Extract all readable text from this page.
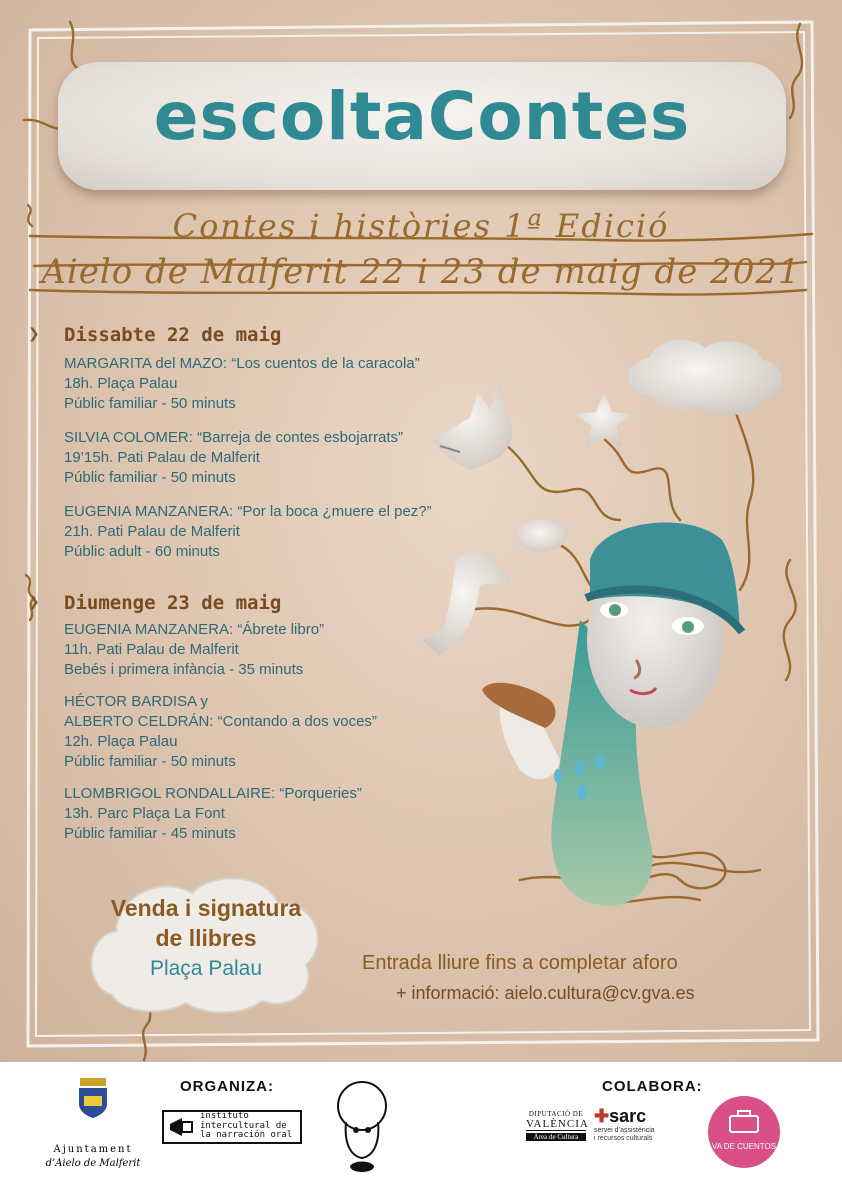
escoltaContes
Contes i històries 1ª Edició
Aielo de Malferit 22 i 23 de maig de 2021
❯ Dissabte 22 de maig
MARGARITA del MAZO: “Los cuentos de la caracola”
18h. Plaça Palau
Públic familiar - 50 minuts
SILVIA COLOMER: “Barreja de contes esbojarrats”
19’15h. Pati Palau de Malferit
Públic familiar - 50 minuts
EUGENIA MANZANERA: “Por la boca ¿muere el pez?”
21h. Pati Palau de Malferit
Públic adult - 60 minuts
❯ Diumenge 23 de maig
EUGENIA MANZANERA: “Ábrete libro”
11h. Pati Palau de Malferit
Bebés i primera infància - 35 minuts
HÉCTOR BARDISA y
ALBERTO CELDRÁN: “Contando a dos voces”
12h. Plaça Palau
Públic familiar - 50 minuts
LLOMBRIGOL RONDALLAIRE: “Porqueries”
13h. Parc Plaça La Font
Públic familiar - 45 minuts
Venda i signatura
de llibres
Plaça Palau	Entrada lliure fins a completar aforo
+ informació: aielo.cultura@cv.gva.es
Ajuntament
d’Aielo de Malferit
ORGANIZA:
instituto
intercultural de
la narración oral
COLABORA:
DIPUTACIÓ DE
VALÈNCIA
Àrea de Cultura
✚sarc
servei d’assistència
i recursos culturals
VA DE CUENTOS
